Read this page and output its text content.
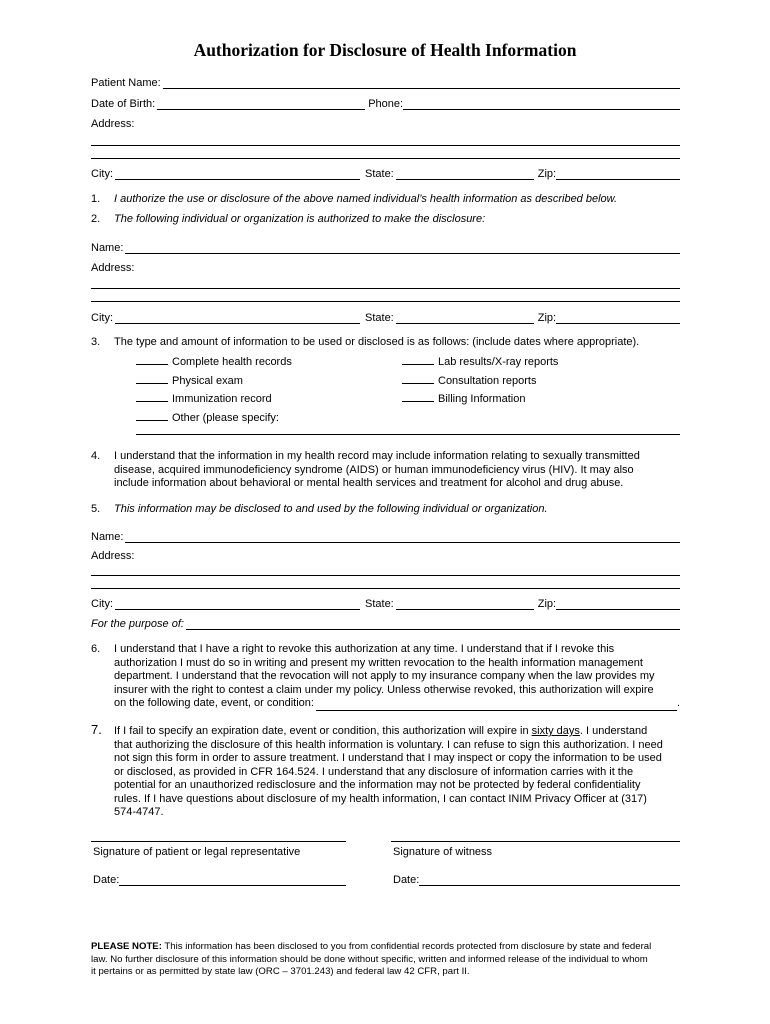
Authorization for Disclosure of Health Information
Patient Name:
Date of Birth:	Phone:
Address:
City:	State:	Zip:
1. I authorize the use or disclosure of the above named individual’s health information as described below.
2. The following individual or organization is authorized to make the disclosure:
Name:
Address:
City:	State:	Zip:
3. The type and amount of information to be used or disclosed is as follows: (include dates where appropriate).
Complete health records
Physical exam
Immunization record
Other (please specify:
Lab results/X-ray reports
Consultation reports
Billing Information
4. I understand that the information in my health record may include information relating to sexually transmitted
disease, acquired immunodeficiency syndrome (AIDS) or human immunodeficiency virus (HIV). It may also
include information about behavioral or mental health services and treatment for alcohol and drug abuse.
5. This information may be disclosed to and used by the following individual or organization.
Name:
Address:
City:	State:	Zip:
For the purpose of:
6. I understand that I have a right to revoke this authorization at any time. I understand that if I revoke this
authorization I must do so in writing and present my written revocation to the health information management
department. I understand that the revocation will not apply to my insurance company when the law provides my
insurer with the right to contest a claim under my policy. Unless otherwise revoked, this authorization will expire
on the following date, event, or condition:	.
7. If I fail to specify an expiration date, event or condition, this authorization will expire in sixty days. I understand
that authorizing the disclosure of this health information is voluntary. I can refuse to sign this authorization. I need
not sign this form in order to assure treatment. I understand that I may inspect or copy the information to be used
or disclosed, as provided in CFR 164.524. I understand that any disclosure of information carries with it the
potential for an unauthorized redisclosure and the information may not be protected by federal confidentiality
rules. If I have questions about disclosure of my health information, I can contact INIM Privacy Officer at (317)
574-4747.
Signature of patient or legal representative	Signature of witness
Date:	Date:
PLEASE NOTE: This information has been disclosed to you from confidential records protected from disclosure by state and federal
law. No further disclosure of this information should be done without specific, written and informed release of the individual to whom
it pertains or as permitted by state law (ORC – 3701.243) and federal law 42 CFR, part II.
